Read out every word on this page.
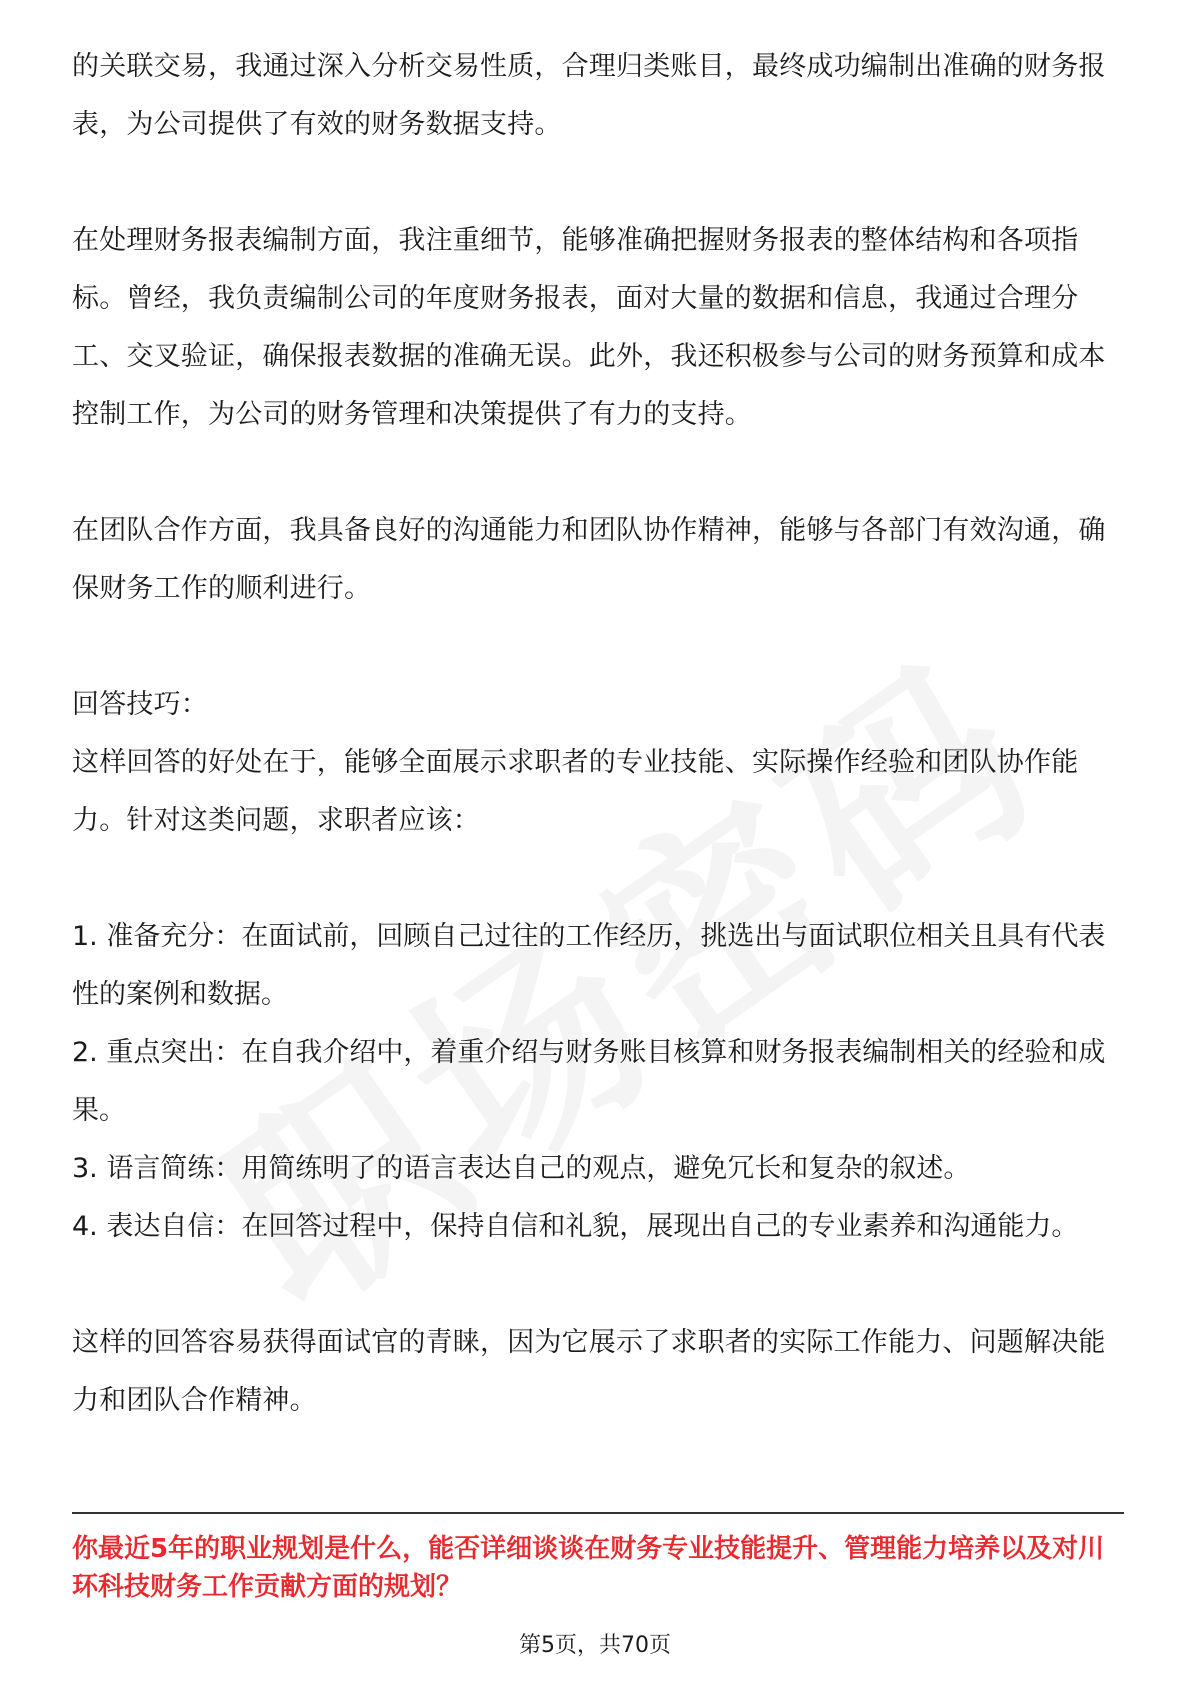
的关联交易，我通过深入分析交易性质，合理归类账目，最终成功编制出准确的财务报表，为公司提供了有效的财务数据支持。

在处理财务报表编制方面，我注重细节，能够准确把握财务报表的整体结构和各项指标。曾经，我负责编制公司的年度财务报表，面对大量的数据和信息，我通过合理分工、交叉验证，确保报表数据的准确无误。此外，我还积极参与公司的财务预算和成本控制工作，为公司的财务管理和决策提供了有力的支持。

在团队合作方面，我具备良好的沟通能力和团队协作精神，能够与各部门有效沟通，确保财务工作的顺利进行。

回答技巧：

这样回答的好处在于，能够全面展示求职者的专业技能、实际操作经验和团队协作能力。针对这类问题，求职者应该：

1. 准备充分：在面试前，回顾自己过往的工作经历，挑选出与面试职位相关且具有代表性的案例和数据。

2. 重点突出：在自我介绍中，着重介绍与财务账目核算和财务报表编制相关的经验和成果。

3. 语言简练：用简练明了的语言表达自己的观点，避免冗长和复杂的叙述。

4. 表达自信：在回答过程中，保持自信和礼貌，展现出自己的专业素养和沟通能力。

这样的回答容易获得面试官的青睐，因为它展示了求职者的实际工作能力、问题解决能力和团队合作精神。

你最近5年的职业规划是什么，能否详细谈谈在财务专业技能提升、管理能力培养以及对川环科技财务工作贡献方面的规划？

第5页，共70页
